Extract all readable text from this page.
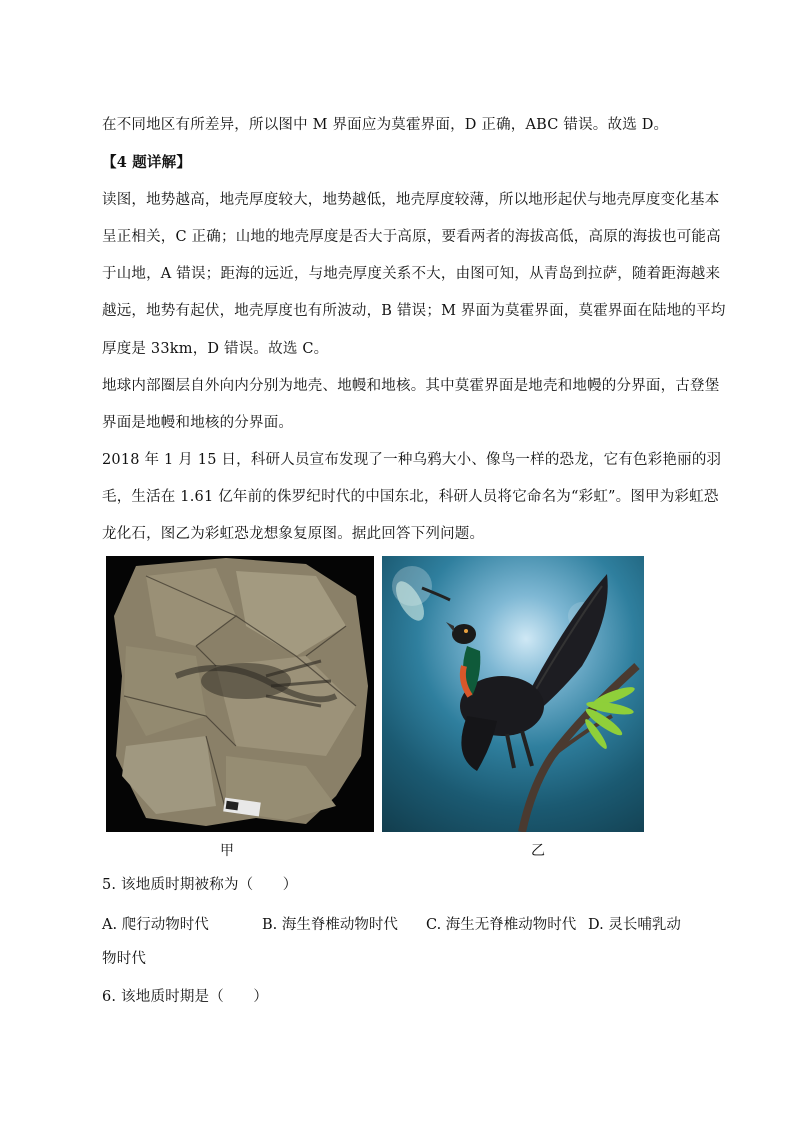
在不同地区有所差异，所以图中 M 界面应为莫霍界面，D 正确，ABC 错误。故选 D。
【4 题详解】
读图，地势越高，地壳厚度较大，地势越低，地壳厚度较薄，所以地形起伏与地壳厚度变化基本
呈正相关，C 正确；山地的地壳厚度是否大于高原，要看两者的海拔高低，高原的海拔也可能高
于山地，A 错误；距海的远近，与地壳厚度关系不大，由图可知，从青岛到拉萨，随着距海越来
越远，地势有起伏，地壳厚度也有所波动，B 错误；M 界面为莫霍界面，莫霍界面在陆地的平均
厚度是 33km，D 错误。故选 C。
地球内部圈层自外向内分别为地壳、地幔和地核。其中莫霍界面是地壳和地幔的分界面，古登堡
界面是地幔和地核的分界面。
2018 年 1 月 15 日，科研人员宣布发现了一种乌鸦大小、像鸟一样的恐龙，它有色彩艳丽的羽
毛，生活在 1.61 亿年前的侏罗纪时代的中国东北，科研人员将它命名为“彩虹”。图甲为彩虹恐
龙化石，图乙为彩虹恐龙想象复原图。据此回答下列问题。
甲	乙
5. 该地质时期被称为（　　）
A. 爬行动物时代	B. 海生脊椎动物时代 C. 海生无脊椎动物时代 D. 灵长哺乳动
物时代
6. 该地质时期是（　　）
